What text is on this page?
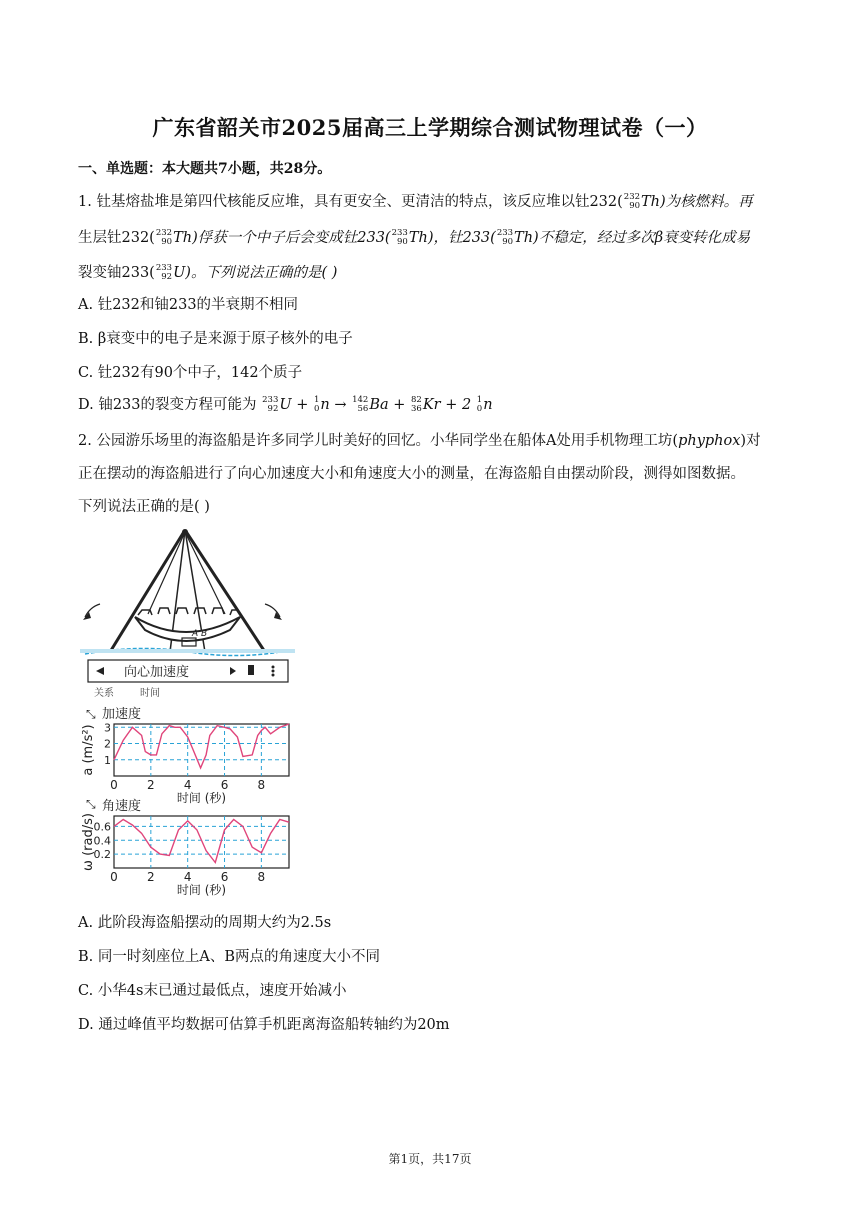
广东省韶关市2025届高三上学期综合测试物理试卷（一）
一、单选题：本大题共7小题，共28分。
1. 钍基熔盐堆是第四代核能反应堆，具有更安全、更清洁的特点，该反应堆以钍232( 232
90 Th)为核燃料。再
生层钍232( 232
90 Th)俘获一个中子后会变成钍233( 233
90 Th)，钍233( 233
90 Th)不稳定，经过多次β衰变转化成易
裂变铀233( 233
92 U)。下列说法正确的是( )
A. 钍232和铀233的半衰期不相同
B. β衰变中的电子是来源于原子核外的电子
C. 钍232有90个中子，142个质子
D. 铀233的裂变方程可能为 233
92 U + 1
0 n → 142
56 Ba + 82
36 Kr + 2 1
0 n
2. 公园游乐场里的海盗船是许多同学儿时美好的回忆。小华同学坐在船体A处用手机物理工坊(phyphox)对
正在摆动的海盗船进行了向心加速度大小和角速度大小的测量，在海盗船自由摆动阶段，测得如图数据。
下列说法正确的是( )
A B
向心加速度
关系	时间
⤡ 加速度
1
2
3
0 2 4 6 8
时间 (秒)
a (m/s²)
⤡ 角速度
0.2
0.4
0.6
0 2 4 6 8
时间 (秒)
ω (rad/s)
A. 此阶段海盗船摆动的周期大约为2.5s
B. 同一时刻座位上A、B两点的角速度大小不同
C. 小华4s末已通过最低点，速度开始减小
D. 通过峰值平均数据可估算手机距离海盗船转轴约为20m
第1页，共17页
